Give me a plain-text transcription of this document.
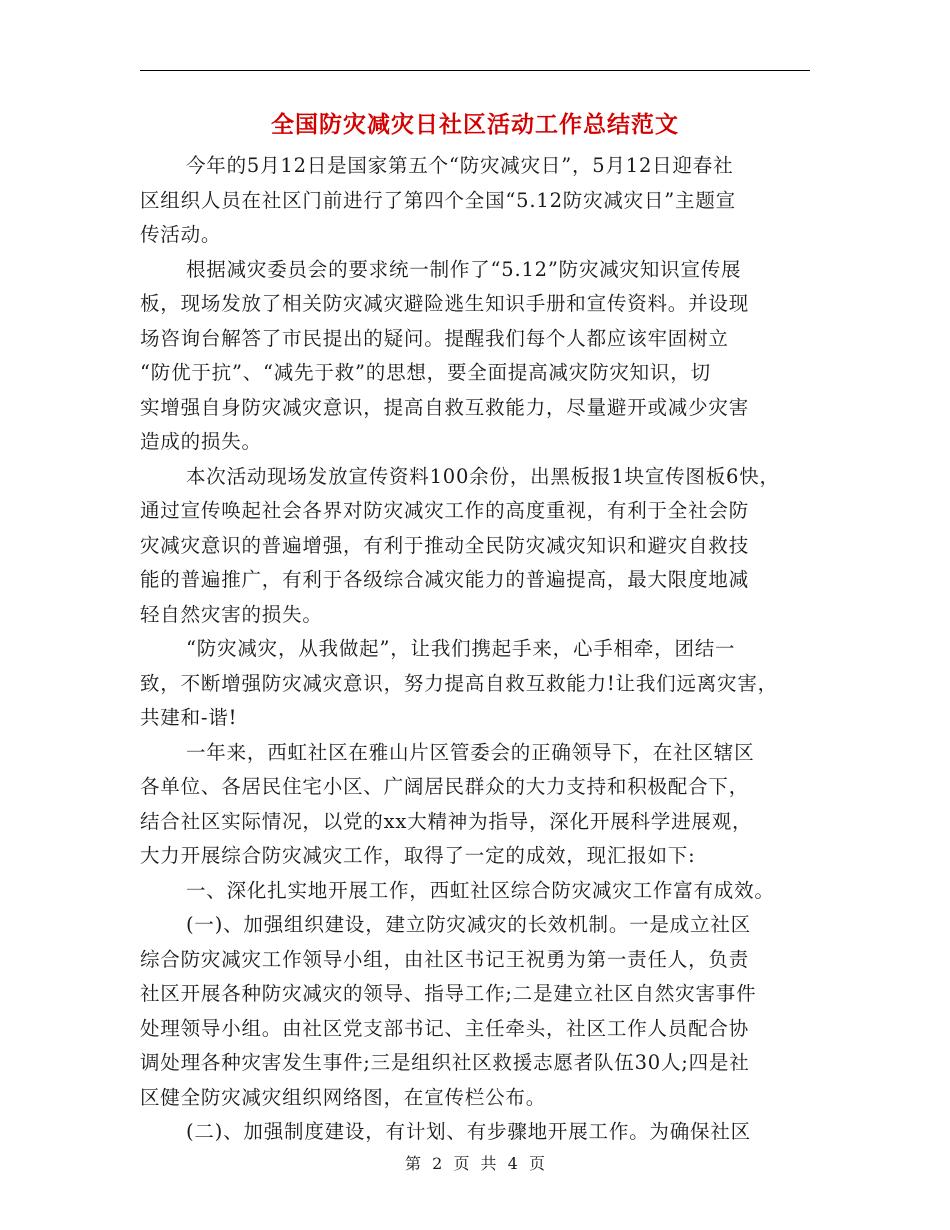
全国防灾减灾日社区活动工作总结范文
今年的5月12日是国家第五个“防灾减灾日”，5月12日迎春社
区组织人员在社区门前进行了第四个全国“5.12防灾减灾日”主题宣
传活动。
根据减灾委员会的要求统一制作了“5.12”防灾减灾知识宣传展
板，现场发放了相关防灾减灾避险逃生知识手册和宣传资料。并设现
场咨询台解答了市民提出的疑问。提醒我们每个人都应该牢固树立
“防优于抗”、“减先于救”的思想，要全面提高减灾防灾知识，切
实增强自身防灾减灾意识，提高自救互救能力，尽量避开或减少灾害
造成的损失。
本次活动现场发放宣传资料100余份，出黑板报1块宣传图板6快，
通过宣传唤起社会各界对防灾减灾工作的高度重视，有利于全社会防
灾减灾意识的普遍增强，有利于推动全民防灾减灾知识和避灾自救技
能的普遍推广，有利于各级综合减灾能力的普遍提高，最大限度地减
轻自然灾害的损失。
“防灾减灾，从我做起”，让我们携起手来，心手相牵，团结一
致，不断增强防灾减灾意识，努力提高自救互救能力!让我们远离灾害，
共建和-谐!
一年来，西虹社区在雅山片区管委会的正确领导下，在社区辖区
各单位、各居民住宅小区、广阔居民群众的大力支持和积极配合下，
结合社区实际情况，以党的xx大精神为指导，深化开展科学进展观，
大力开展综合防灾减灾工作，取得了一定的成效，现汇报如下:
一、深化扎实地开展工作，西虹社区综合防灾减灾工作富有成效。
(一)、加强组织建设，建立防灾减灾的长效机制。一是成立社区
综合防灾减灾工作领导小组，由社区书记王祝勇为第一责任人，负责
社区开展各种防灾减灾的领导、指导工作;二是建立社区自然灾害事件
处理领导小组。由社区党支部书记、主任牵头，社区工作人员配合协
调处理各种灾害发生事件;三是组织社区救援志愿者队伍30人;四是社
区健全防灾减灾组织网络图，在宣传栏公布。
(二)、加强制度建设，有计划、有步骤地开展工作。为确保社区
第 2 页 共 4 页
